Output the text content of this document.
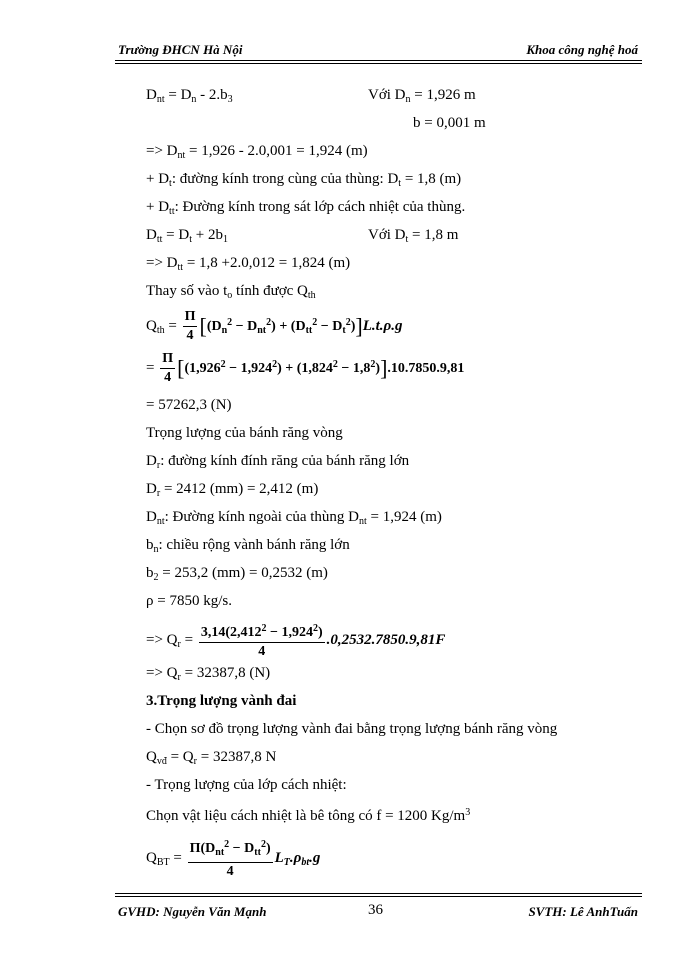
Trường ĐHCN Hà Nội	Khoa công nghệ hoá
$D_{nt} = D_n - 2.b_3$	Với $D_n = 1,926$ m
b = 0,001 m
=> $D_{nt} = 1,926 - 2.0,001 = 1,924$ (m)
+ $D_t$: đường kính trong cùng của thùng: $D_t = 1,8$ (m)
+ $D_{tt}$: Đường kính trong sát lớp cách nhiệt của thùng.
$D_{tt} = D_t + 2b_1$	Với $D_t = 1,8$ m
=> $D_{tt} = 1,8 +2.0,012 = 1,824$ (m)
Thay số vào $t_o$ tính được $Q_{th}$
$Q_{th} = \frac{\Pi}{4} [(D_n^2 - D_{nt}^2) + (D_{tt}^2 - D_t^2)]L.t.\rho.g$
= $\frac{\Pi}{4} [(1,926^2 - 1,924^2) + (1,824^2 - 1,8^2)].10.7850.9,81$
= 57262,3 (N)
Trọng lượng của bánh răng vòng
$D_r$: đường kính đính răng của bánh răng lớn
$D_r = 2412$ (mm) = 2,412 (m)
$D_{nt}$: Đường kính ngoài của thùng $D_{nt} = 1,924$ (m)
$b_n$: chiều rộng vành bánh răng lớn
$b_2 = 253,2$ (mm) = 0,2532 (m)
ρ = 7850 kg/s.
=> $Q_r = \frac{3,14(2,412^2 - 1,924^2)}{4} .0,2532.7850.9,81F$
=> $Q_r = 32387,8$ (N)
3.Trọng lượng vành đai
- Chọn sơ đồ trọng lượng vành đai bằng trọng lượng bánh răng vòng
$Q_{vđ} = Q_r = 32387,8$ N
- Trọng lượng của lớp cách nhiệt:
Chọn vật liệu cách nhiệt là bê tông có f = 1200 $Kg/m^3$
$Q_{BT} = \frac{\Pi(D_{nt}^2 - D_{tt}^2)}{4} L_T.\rho_{bt}.g$
GVHD: Nguyễn Văn Mạnh	36	SVTH: Lê AnhTuấn
